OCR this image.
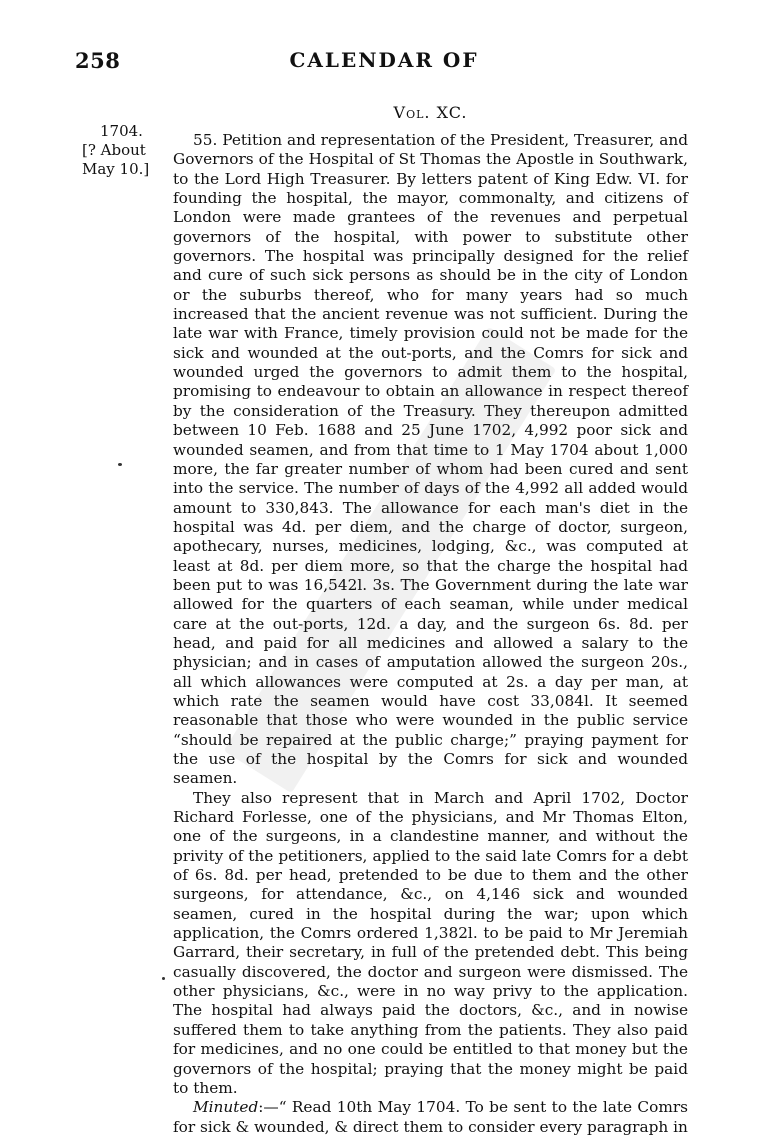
258	CALENDAR OF
Vol. XC.
1704.
[? About
May 10.]

55. Petition and representation of the President, Treasurer, and Governors of the Hospital of St Thomas the Apostle in Southwark, to the Lord High Treasurer. By letters patent of King Edw. VI. for founding the hospital, the mayor, commonalty, and citizens of London were made grantees of the revenues and perpetual governors of the hospital, with power to substitute other governors. The hospital was principally designed for the relief and cure of such sick persons as should be in the city of London or the suburbs thereof, who for many years had so much increased that the ancient revenue was not sufficient. During the late war with France, timely provision could not be made for the sick and wounded at the out-ports, and the Comrs for sick and wounded urged the governors to admit them to the hospital, promising to endeavour to obtain an allowance in respect thereof by the consideration of the Treasury. They thereupon admitted between 10 Feb. 1688 and 25 June 1702, 4,992 poor sick and wounded seamen, and from that time to 1 May 1704 about 1,000 more, the far greater number of whom had been cured and sent into the service. The number of days of the 4,992 all added would amount to 330,843. The allowance for each man's diet in the hospital was 4d. per diem, and the charge of doctor, surgeon, apothecary, nurses, medicines, lodging, &c., was computed at least at 8d. per diem more, so that the charge the hospital had been put to was 16,542l. 3s. The Government during the late war allowed for the quarters of each seaman, while under medical care at the out-ports, 12d. a day, and the surgeon 6s. 8d. per head, and paid for all medicines and allowed a salary to the physician; and in cases of amputation allowed the surgeon 20s., all which allowances were computed at 2s. a day per man, at which rate the seamen would have cost 33,084l. It seemed reasonable that those who were wounded in the public service “should be repaired at the public charge;” praying payment for the use of the hospital by the Comrs for sick and wounded seamen.

They also represent that in March and April 1702, Doctor Richard Forlesse, one of the physicians, and Mr Thomas Elton, one of the surgeons, in a clandestine manner, and without the privity of the petitioners, applied to the said late Comrs for a debt of 6s. 8d. per head, pretended to be due to them and the other surgeons, for attendance, &c., on 4,146 sick and wounded seamen, cured in the hospital during the war; upon which application, the Comrs ordered 1,382l. to be paid to Mr Jeremiah Garrard, their secretary, in full of the pretended debt. This being casually discovered, the doctor and surgeon were dismissed. The other physicians, &c., were in no way privy to the application. The hospital had always paid the doctors, &c., and in nowise suffered them to take anything from the patients. They also paid for medicines, and no one could be entitled to that money but the governors of the hospital; praying that the money might be paid to them.

Minuted:—“ Read 10th May 1704. To be sent to the late Comrs for sick & wounded, & direct them to consider every paragraph in
